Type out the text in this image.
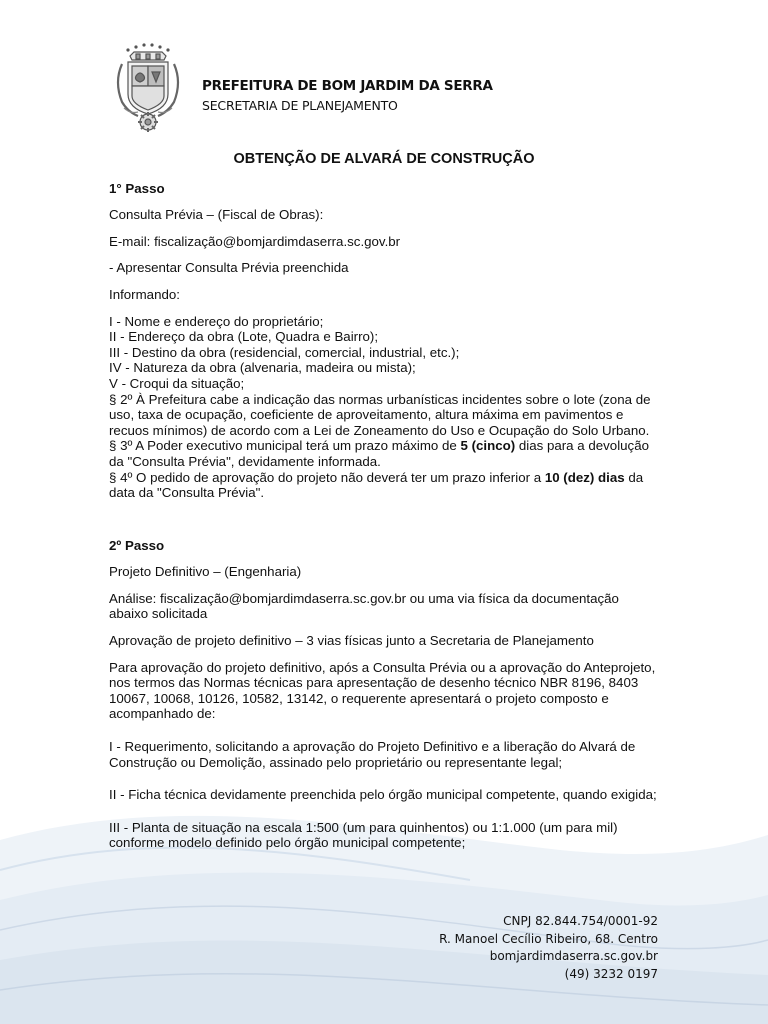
PREFEITURA DE BOM JARDIM DA SERRA
SECRETARIA DE PLANEJAMENTO
OBTENÇÃO DE ALVARÁ DE CONSTRUÇÃO
1° Passo
Consulta Prévia – (Fiscal de Obras):
E-mail: fiscalização@bomjardimdaserra.sc.gov.br
- Apresentar Consulta Prévia preenchida
Informando:
I - Nome e endereço do proprietário;
II - Endereço da obra (Lote, Quadra e Bairro);
III - Destino da obra (residencial, comercial, industrial, etc.);
IV - Natureza da obra (alvenaria, madeira ou mista);
V - Croqui da situação;
§ 2º À Prefeitura cabe a indicação das normas urbanísticas incidentes sobre o lote (zona de uso, taxa de ocupação, coeficiente de aproveitamento, altura máxima em pavimentos e recuos mínimos) de acordo com a Lei de Zoneamento do Uso e Ocupação do Solo Urbano.
§ 3º A Poder executivo municipal terá um prazo máximo de 5 (cinco) dias para a devolução da "Consulta Prévia", devidamente informada.
§ 4º O pedido de aprovação do projeto não deverá ter um prazo inferior a 10 (dez) dias da data da "Consulta Prévia".
2º Passo
Projeto Definitivo – (Engenharia)
Análise: fiscalização@bomjardimdaserra.sc.gov.br ou uma via física da documentação abaixo solicitada
Aprovação de projeto definitivo – 3 vias físicas junto a Secretaria de Planejamento
Para aprovação do projeto definitivo, após a Consulta Prévia ou a aprovação do Anteprojeto, nos termos das Normas técnicas para apresentação de desenho técnico NBR 8196, 8403 10067, 10068, 10126, 10582, 13142, o requerente apresentará o projeto composto e acompanhado de:
I - Requerimento, solicitando a aprovação do Projeto Definitivo e a liberação do Alvará de Construção ou Demolição, assinado pelo proprietário ou representante legal;
II - Ficha técnica devidamente preenchida pelo órgão municipal competente, quando exigida;
III - Planta de situação na escala 1:500 (um para quinhentos) ou 1:1.000 (um para mil) conforme modelo definido pelo órgão municipal competente;
CNPJ 82.844.754/0001-92
R. Manoel Cecílio Ribeiro, 68. Centro
bomjardimdaserra.sc.gov.br
(49) 3232 0197
